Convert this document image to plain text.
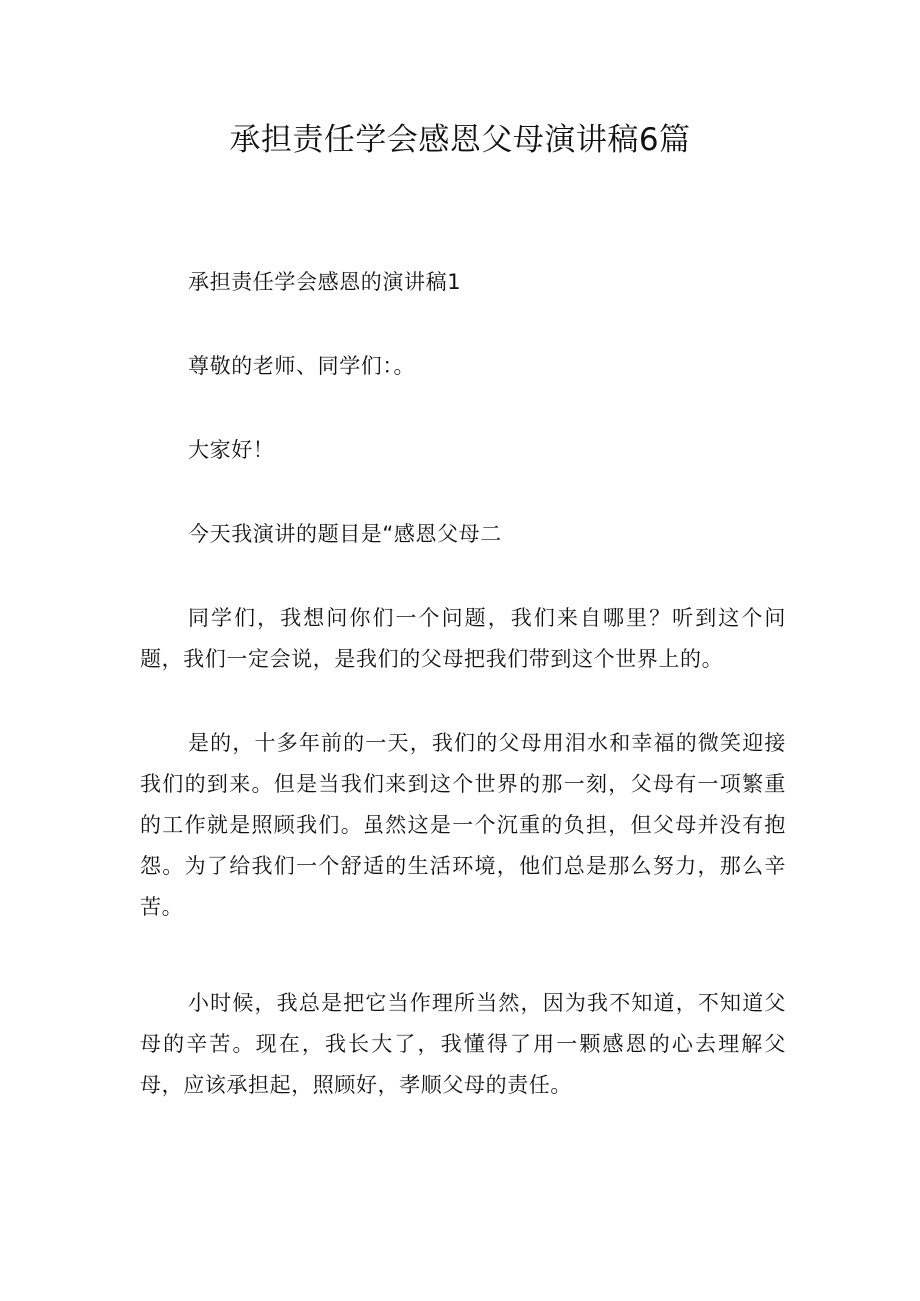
承担责任学会感恩父母演讲稿6篇

承担责任学会感恩的演讲稿1

尊敬的老师、同学们：。

大家好！

今天我演讲的题目是“感恩父母二

同学们，我想问你们一个问题，我们来自哪里？听到这个问题，我们一定会说，是我们的父母把我们带到这个世界上的。

是的，十多年前的一天，我们的父母用泪水和幸福的微笑迎接我们的到来。但是当我们来到这个世界的那一刻，父母有一项繁重的工作就是照顾我们。虽然这是一个沉重的负担，但父母并没有抱怨。为了给我们一个舒适的生活环境，他们总是那么努力，那么辛苦。

小时候，我总是把它当作理所当然，因为我不知道，不知道父母的辛苦。现在，我长大了，我懂得了用一颗感恩的心去理解父母，应该承担起，照顾好，孝顺父母的责任。
